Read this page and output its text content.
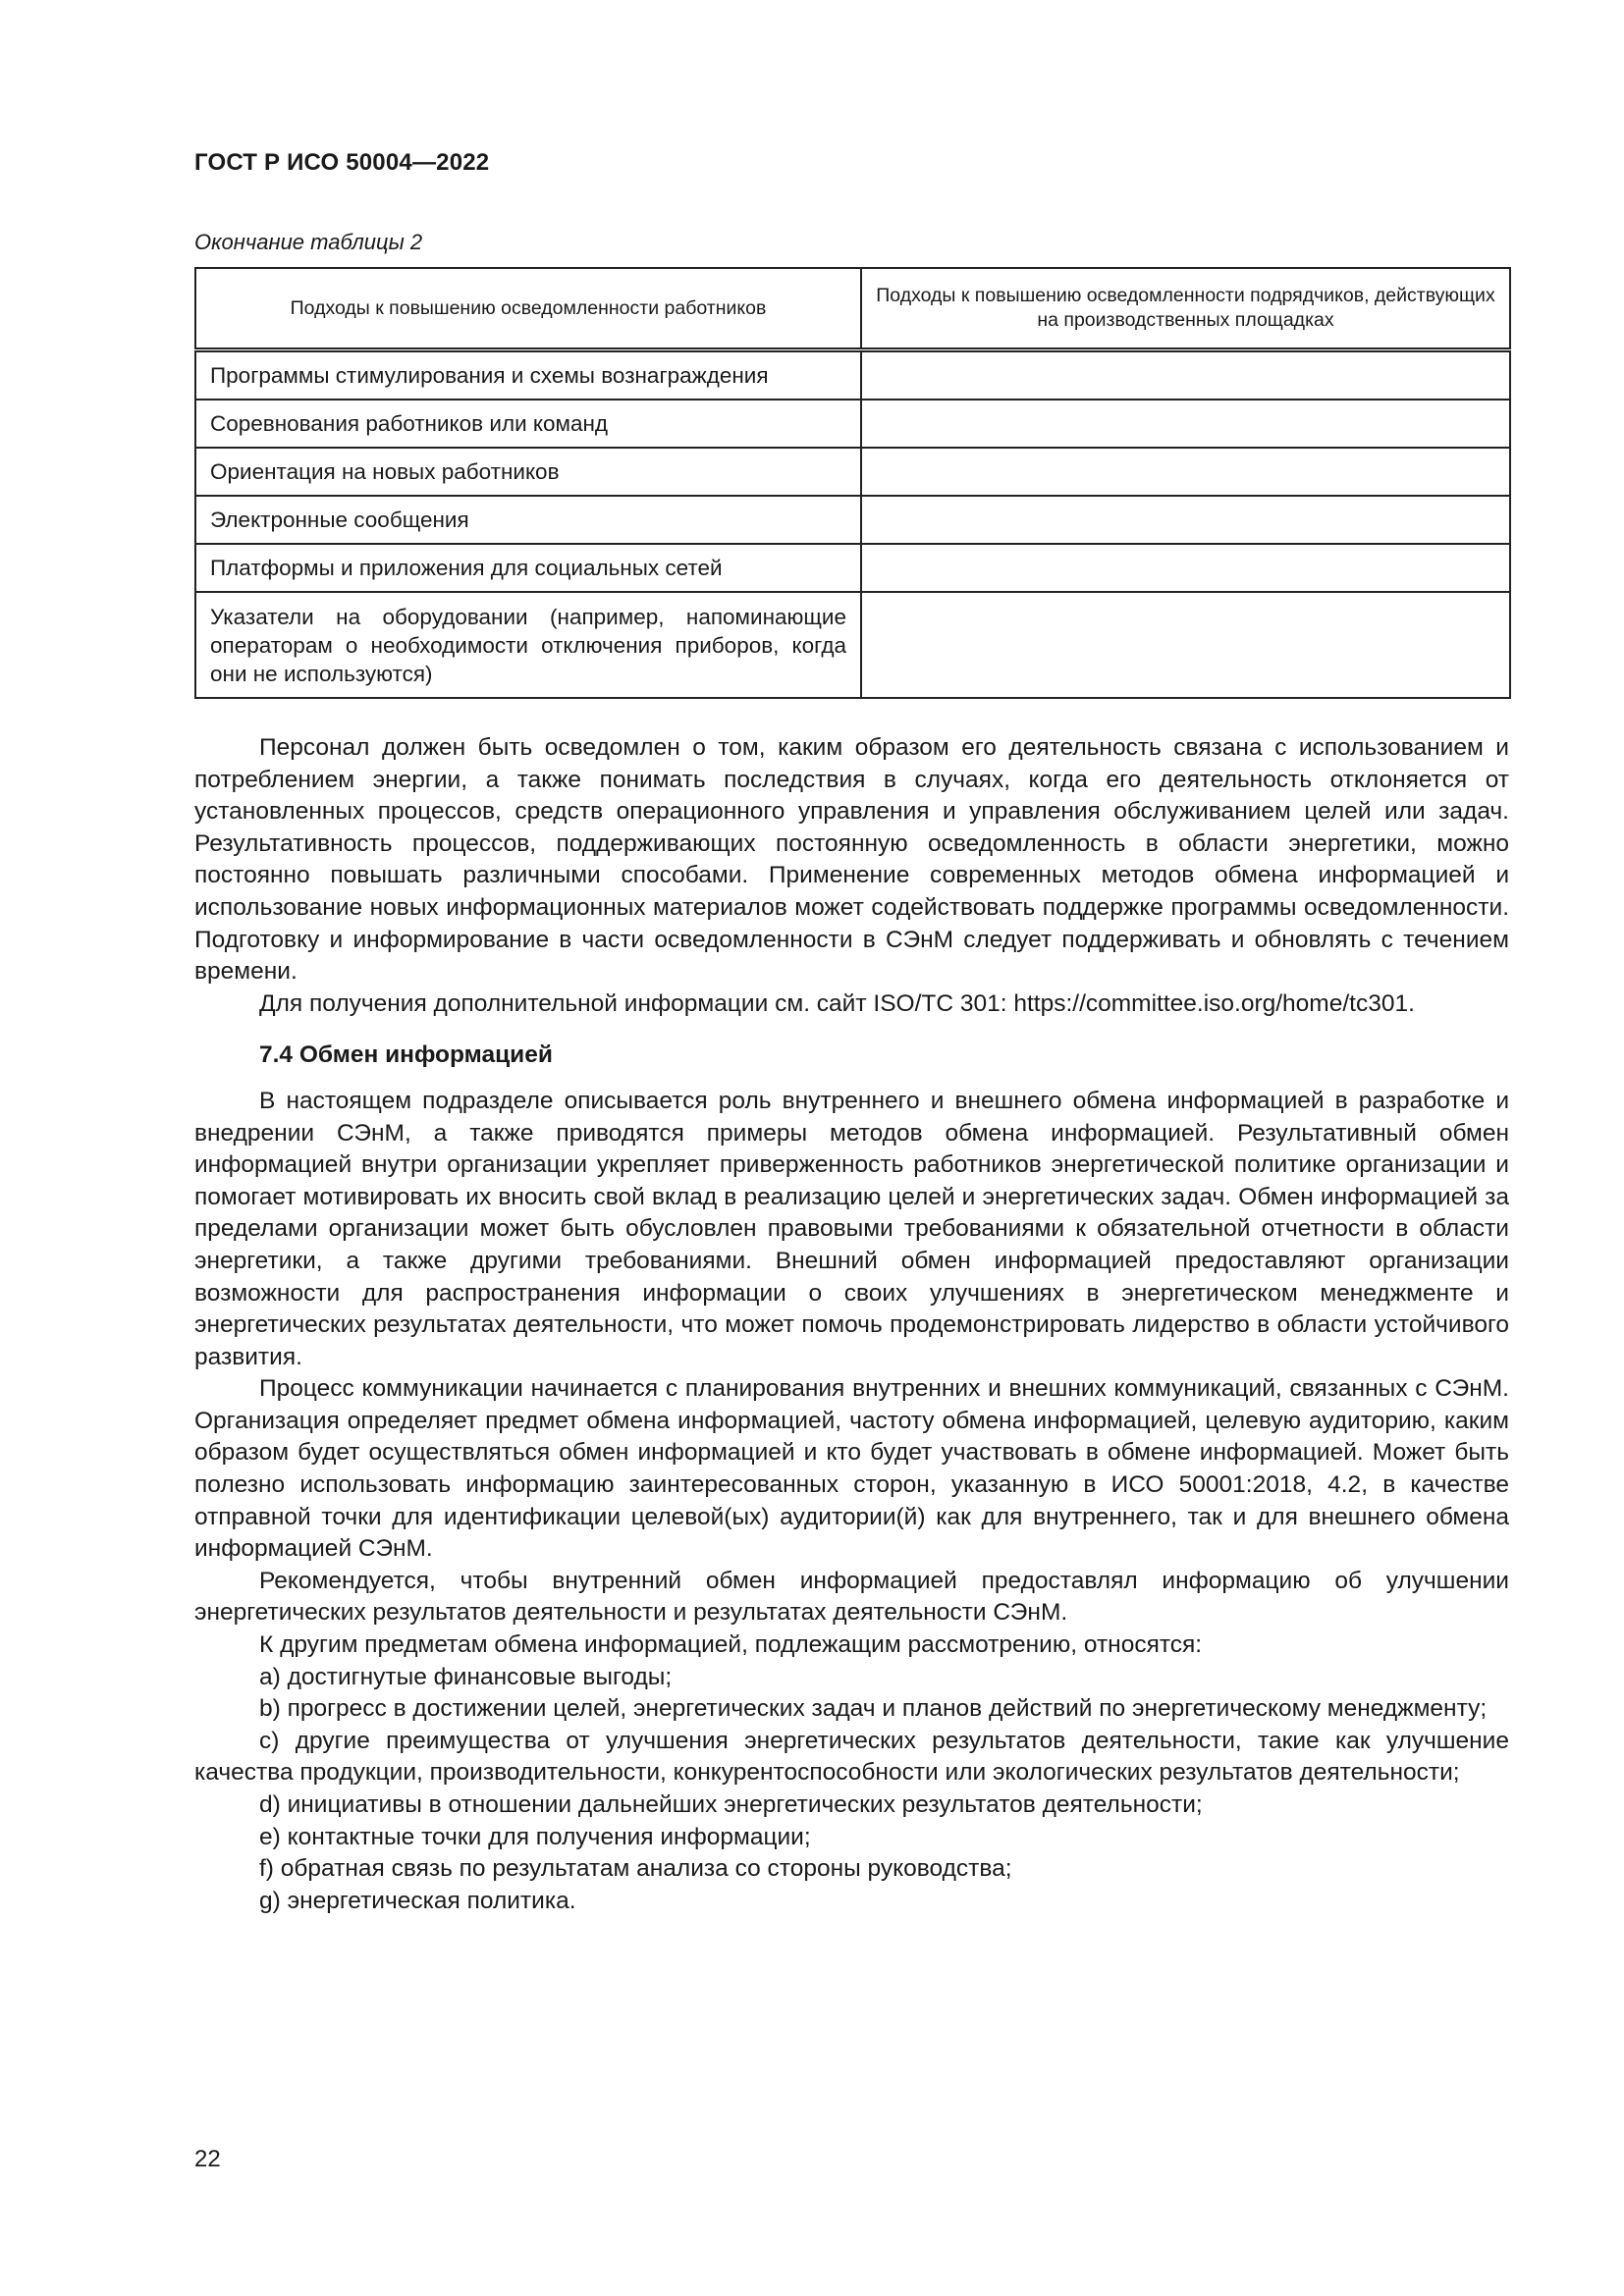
ГОСТ Р ИСО 50004—2022
Окончание таблицы 2
Подходы к повышению осведомленности работников	Подходы к повышению осведомленности подрядчиков, действующих на производственных площадках
Программы стимулирования и схемы вознаграждения	
Соревнования работников или команд	
Ориентация на новых работников	
Электронные сообщения	
Платформы и приложения для социальных сетей	
Указатели на оборудовании (например, напоминающие операторам о необходимости отключения приборов, когда они не используются)	

Персонал должен быть осведомлен о том, каким образом его деятельность связана с использованием и потреблением энергии, а также понимать последствия в случаях, когда его деятельность отклоняется от установленных процессов, средств операционного управления и управления обслуживанием целей или задач. Результативность процессов, поддерживающих постоянную осведомленность в области энергетики, можно постоянно повышать различными способами. Применение современных методов обмена информацией и использование новых информационных материалов может содействовать поддержке программы осведомленности. Подготовку и информирование в части осведомленности в СЭнМ следует поддерживать и обновлять с течением времени.

Для получения дополнительной информации см. сайт ISO/TC 301: https://committee.iso.org/home/tc301.

7.4 Обмен информацией

В настоящем подразделе описывается роль внутреннего и внешнего обмена информацией в разработке и внедрении СЭнМ, а также приводятся примеры методов обмена информацией. Результативный обмен информацией внутри организации укрепляет приверженность работников энергетической политике организации и помогает мотивировать их вносить свой вклад в реализацию целей и энергетических задач. Обмен информацией за пределами организации может быть обусловлен правовыми требованиями к обязательной отчетности в области энергетики, а также другими требованиями. Внешний обмен информацией предоставляют организации возможности для распространения информации о своих улучшениях в энергетическом менеджменте и энергетических результатах деятельности, что может помочь продемонстрировать лидерство в области устойчивого развития.

Процесс коммуникации начинается с планирования внутренних и внешних коммуникаций, связанных с СЭнМ. Организация определяет предмет обмена информацией, частоту обмена информацией, целевую аудиторию, каким образом будет осуществляться обмен информацией и кто будет участвовать в обмене информацией. Может быть полезно использовать информацию заинтересованных сторон, указанную в ИСО 50001:2018, 4.2, в качестве отправной точки для идентификации целевой(ых) аудитории(й) как для внутреннего, так и для внешнего обмена информацией СЭнМ.

Рекомендуется, чтобы внутренний обмен информацией предоставлял информацию об улучшении энергетических результатов деятельности и результатах деятельности СЭнМ.

К другим предметам обмена информацией, подлежащим рассмотрению, относятся:

a) достигнутые финансовые выгоды;

b) прогресс в достижении целей, энергетических задач и планов действий по энергетическому менеджменту;

c) другие преимущества от улучшения энергетических результатов деятельности, такие как улучшение качества продукции, производительности, конкурентоспособности или экологических результатов деятельности;

d) инициативы в отношении дальнейших энергетических результатов деятельности;

e) контактные точки для получения информации;

f) обратная связь по результатам анализа со стороны руководства;

g) энергетическая политика.

22
